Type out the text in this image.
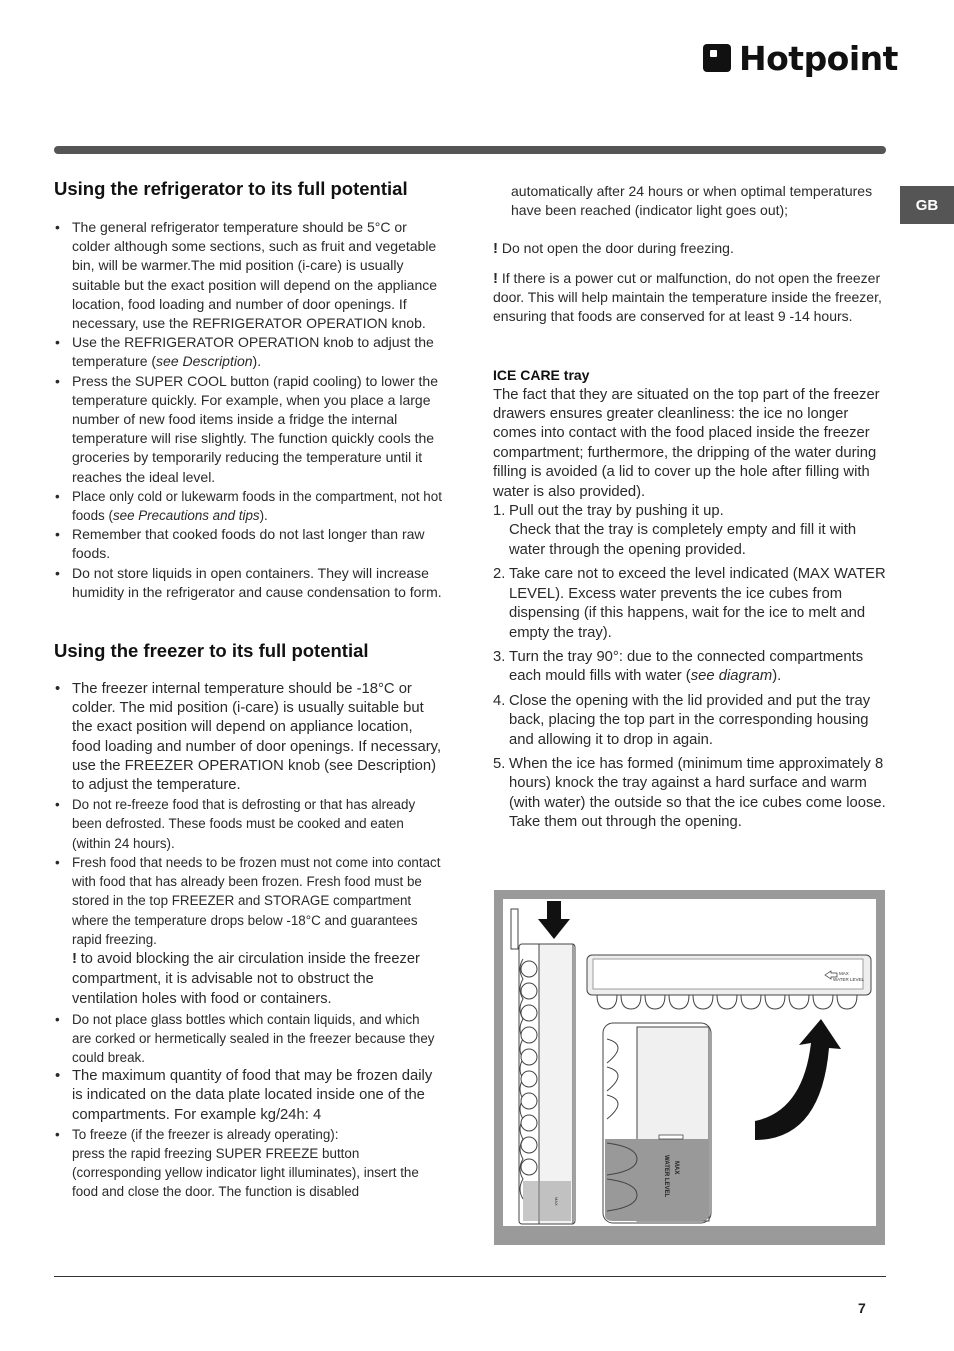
Hotpoint
GB
Using the refrigerator to its full potential
• The general refrigerator temperature should be 5°C or colder although some sections, such as fruit and vegetable bin, will be warmer.The mid position (i-care) is usually suitable but the exact position will depend on the appliance location, food loading and number of door openings. If necessary, use the REFRIGERATOR OPERATION knob.
• Use the REFRIGERATOR OPERATION knob to adjust the temperature (see Description).
• Press the SUPER COOL button (rapid cooling) to lower the temperature quickly. For example, when you place a large number of new food items inside a fridge the internal temperature will rise slightly. The function quickly cools the groceries by temporarily reducing the temperature until it reaches the ideal level.
• Place only cold or lukewarm foods in the compartment, not hot foods (see Precautions and tips).
• Remember that cooked foods do not last longer than raw foods.
• Do not store liquids in open containers. They will increase humidity in the refrigerator and cause condensation to form.
Using the freezer to its full potential
• The freezer internal temperature should be -18°C or colder. The mid position (i-care) is usually suitable but the exact position will depend on appliance location, food loading and number of door openings. If necessary, use the FREEZER OPERATION knob (see Description) to adjust the temperature.
• Do not re-freeze food that is defrosting or that has already been defrosted. These foods must be cooked and eaten (within 24 hours).
• Fresh food that needs to be frozen must not come into contact with food that has already been frozen. Fresh food must be stored in the top FREEZER and STORAGE compartment where the temperature drops below -18°C and guarantees rapid freezing.
! to avoid blocking the air circulation inside the freezer compartment, it is advisable not to obstruct the ventilation holes with food or containers.
• Do not place glass bottles which contain liquids, and which are corked or hermetically sealed in the freezer because they could break.
• The maximum quantity of food that may be frozen daily is indicated on the data plate located inside one of the compartments. For example kg/24h: 4
• To freeze (if the freezer is already operating):
press the rapid freezing SUPER FREEZE button (corresponding yellow indicator light illuminates), insert the food and close the door. The function is disabled

automatically after 24 hours or when optimal temperatures have been reached (indicator light goes out);

! Do not open the door during freezing.

! If there is a power cut or malfunction, do not open the freezer door. This will help maintain the temperature inside the freezer, ensuring that foods are conserved for at least 9 -14 hours.

ICE CARE tray

The fact that they are situated on the top part of the freezer drawers ensures greater cleanliness: the ice no longer comes into contact with the food placed inside the freezer compartment; furthermore, the dripping of the water during filling is avoided (a lid to cover up the hole after filling with water is also provided).

1. Pull out the tray by pushing it up.
Check that the tray is completely empty and fill it with water through the opening provided.
2. Take care not to exceed the level indicated (MAX WATER LEVEL). Excess water prevents the ice cubes from dispensing (if this happens, wait for the ice to melt and empty the tray).
3. Turn the tray 90°: due to the connected compartments each mould fills with water (see diagram).
4. Close the opening with the lid provided and put the tray back, placing the top part in the corresponding housing and allowing it to drop in again.
5. When the ice has formed (minimum time approximately 8 hours) knock the tray against a hard surface and warm (with water) the outside so that the ice cubes come loose. Take them out through the opening.
MAX
MAX
WATER LEVEL
MAX
WATER LEVEL
7
